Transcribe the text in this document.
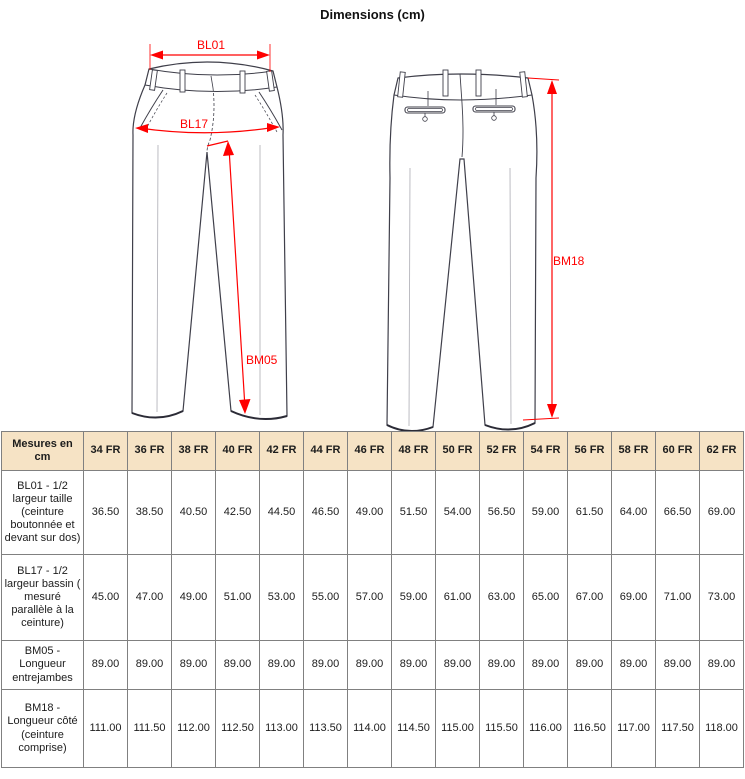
Dimensions (cm)
BL01
BL17
BM05
BM18
Mesures en cm	34 FR	36 FR	38 FR	40 FR	42 FR	44 FR	46 FR	48 FR	50 FR	52 FR	54 FR	56 FR	58 FR	60 FR	62 FR
BL01 - 1/2 largeur taille (ceinture boutonnée et devant sur dos)	36.50	38.50	40.50	42.50	44.50	46.50	49.00	51.50	54.00	56.50	59.00	61.50	64.00	66.50	69.00
BL17 - 1/2 largeur bassin ( mesuré parallèle à la ceinture)	45.00	47.00	49.00	51.00	53.00	55.00	57.00	59.00	61.00	63.00	65.00	67.00	69.00	71.00	73.00
BM05 - Longueur entrejambes	89.00	89.00	89.00	89.00	89.00	89.00	89.00	89.00	89.00	89.00	89.00	89.00	89.00	89.00	89.00
BM18 - Longueur côté (ceinture comprise)	111.00	111.50	112.00	112.50	113.00	113.50	114.00	114.50	115.00	115.50	116.00	116.50	117.00	117.50	118.00
